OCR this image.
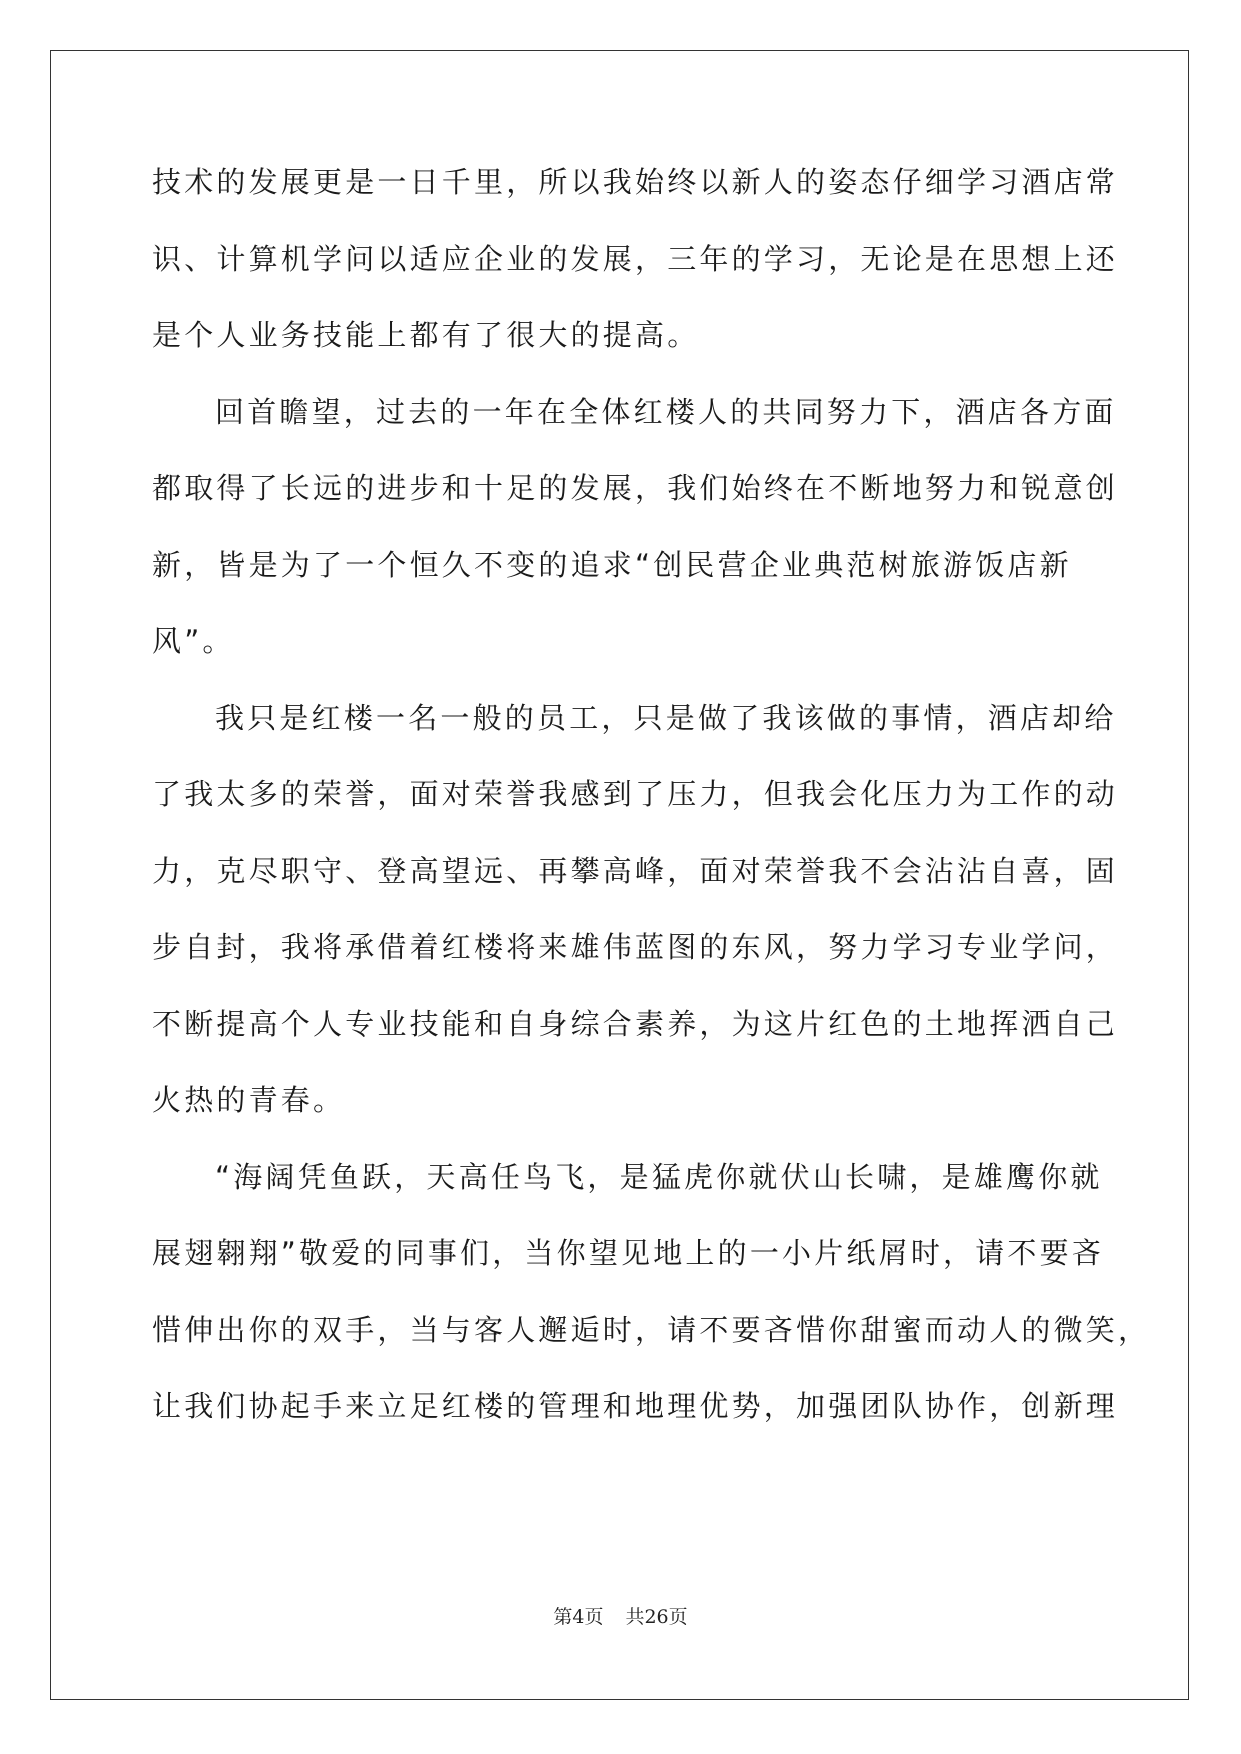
技术的发展更是一日千里，所以我始终以新人的姿态仔细学习酒店常
识、计算机学问以适应企业的发展，三年的学习，无论是在思想上还
是个人业务技能上都有了很大的提高。
回首瞻望，过去的一年在全体红楼人的共同努力下，酒店各方面
都取得了长远的进步和十足的发展，我们始终在不断地努力和锐意创
新，皆是为了一个恒久不变的追求“创民营企业典范树旅游饭店新
风”。
我只是红楼一名一般的员工，只是做了我该做的事情，酒店却给
了我太多的荣誉，面对荣誉我感到了压力，但我会化压力为工作的动
力，克尽职守、登高望远、再攀高峰，面对荣誉我不会沾沾自喜，固
步自封，我将承借着红楼将来雄伟蓝图的东风，努力学习专业学问，
不断提高个人专业技能和自身综合素养，为这片红色的土地挥洒自己
火热的青春。
“海阔凭鱼跃，天高任鸟飞，是猛虎你就伏山长啸，是雄鹰你就
展翅翱翔”敬爱的同事们，当你望见地上的一小片纸屑时，请不要吝
惜伸出你的双手，当与客人邂逅时，请不要吝惜你甜蜜而动人的微笑，
让我们协起手来立足红楼的管理和地理优势，加强团队协作，创新理
第4页 共26页
